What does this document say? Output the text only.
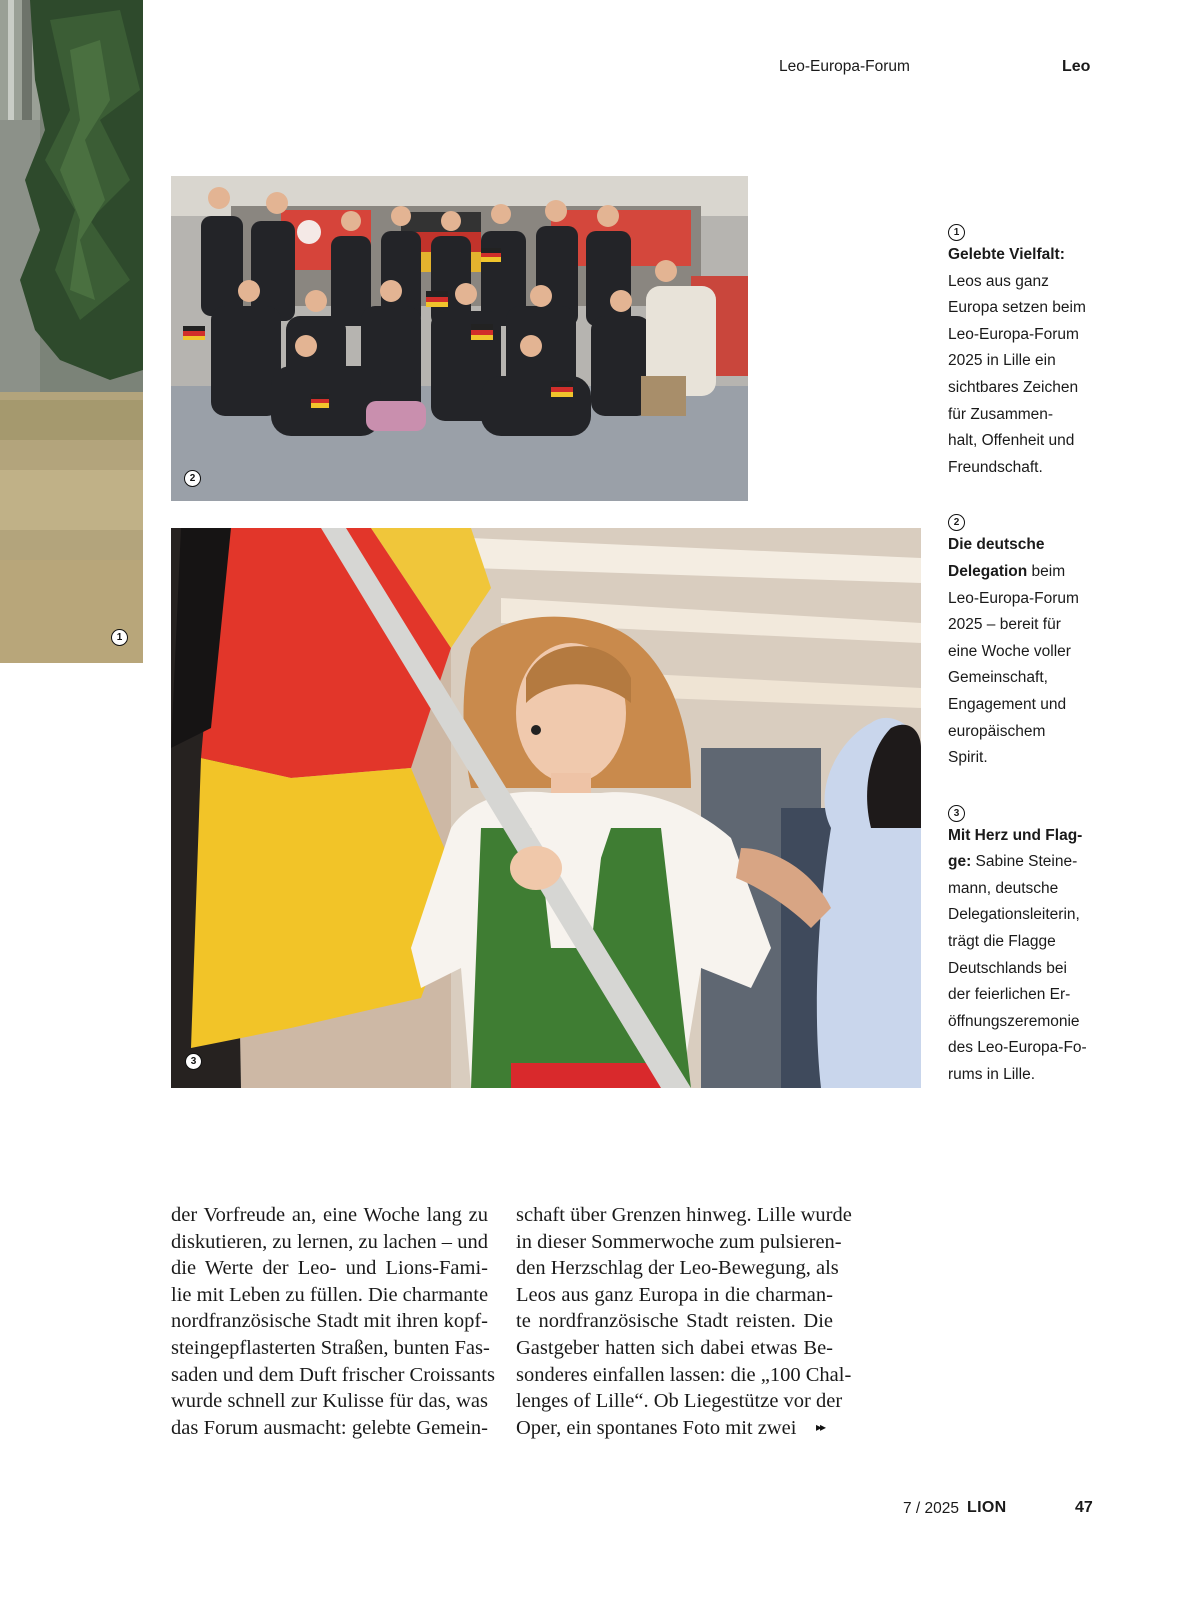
Leo-Europa-Forum	Leo
1
2
3
1
Gelebte Vielfalt:
Leos aus ganz
Europa setzen beim
Leo-Europa-Forum
2025 in Lille ein
sichtbares Zeichen
für Zusammen-
halt, Offenheit und
Freundschaft.
2
Die deutsche
Delegation beim
Leo-Europa-Forum
2025 – bereit für
eine Woche voller
Gemeinschaft,
Engagement und
europäischem
Spirit.
3
Mit Herz und Flag-
ge: Sabine Steine-
mann, deutsche
Delegationsleiterin,
trägt die Flagge
Deutschlands bei
der feierlichen Er-
öffnungszeremonie
des Leo-Europa-Fo-
rums in Lille.
der Vorfreude an, eine Woche lang zu
diskutieren, zu lernen, zu lachen – und
die Werte der Leo- und Lions-Fami-
lie mit Leben zu füllen. Die charmante
nordfranzösische Stadt mit ihren kopf-
steingepflasterten Straßen, bunten Fas-
saden und dem Duft frischer Croissants
wurde schnell zur Kulisse für das, was
das Forum ausmacht: gelebte Gemein-
schaft über Grenzen hinweg. Lille wurde
in dieser Sommerwoche zum pulsieren-
den Herzschlag der Leo-Bewegung, als
Leos aus ganz Europa in die charman-
te nordfranzösische Stadt reisten. Die
Gastgeber hatten sich dabei etwas Be-
sonderes einfallen lassen: die „100 Chal-
lenges of Lille“. Ob Liegestütze vor der
Oper, ein spontanes Foto mit zwei	▸▸
7 / 2025 LION	47
